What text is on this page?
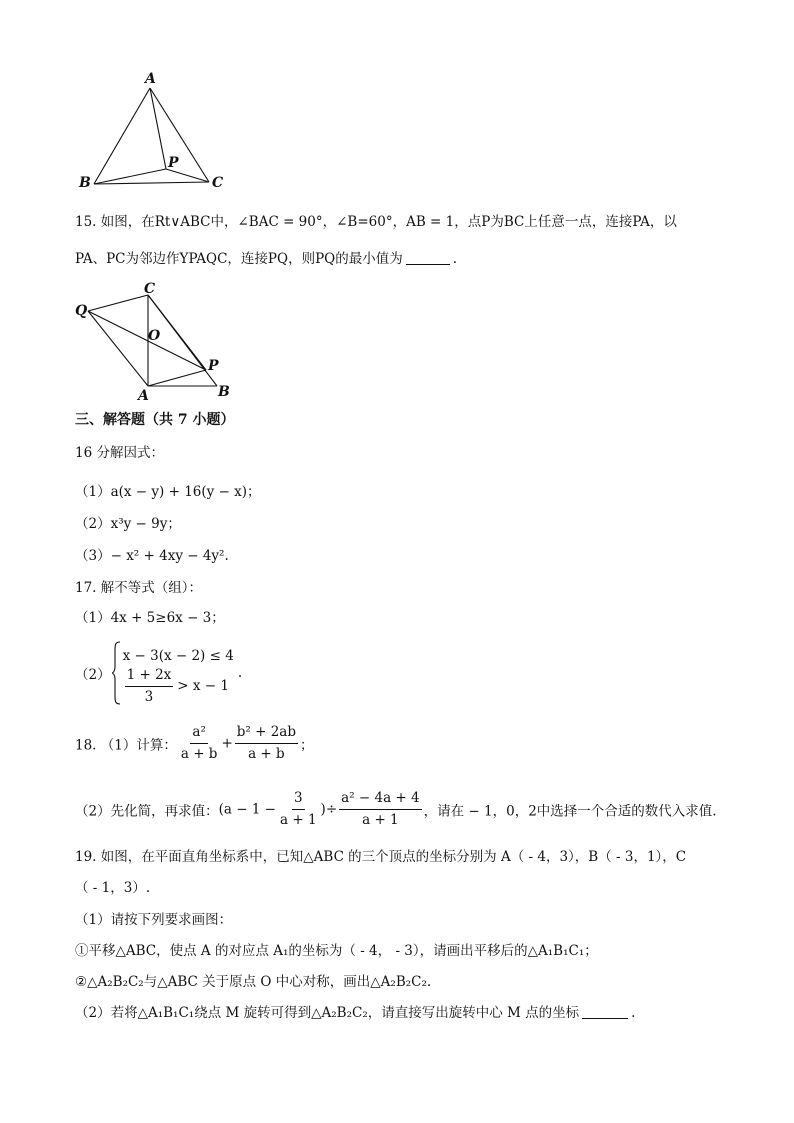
A
B	C
P
15. 如图，在Rt∨ABC中，∠BAC = 90°，∠B=60°，AB = 1，点P为BC上任意一点，连接PA，以
PA、PC为邻边作YPAQC，连接PQ，则PQ的最小值为	.
Q
C
O
P
A	B
三、解答题（共 7 小题）
16 分解因式：
（1）a(x − y) + 16(y − x)；
（2）x³y − 9y；
（3）− x² + 4xy − 4y².
17. 解不等式（组）：
（1）4x + 5≥6x − 3；
（2）
x − 3(x − 2) ≤ 4
$\frac{1 + 2x}{3} > x - 1$
.
18. （1）计算： $\frac{\text{a²}}{a + b} + \frac{\text{b² + 2ab}}{a + b}$ ；
（2）先化简，再求值：($a - 1 - \frac{3}{a + 1}$ )÷ $\frac{\text{a² − 4a + 4}}{a + 1}$ ，请在 − 1，0，2中选择一个合适的数代入求值.
19. 如图，在平面直角坐标系中，已知△ABC 的三个顶点的坐标分别为 A（ - 4，3），B（ - 3，1），C
（ - 1，3）.
（1）请按下列要求画图：
①平移△ABC，使点 A 的对应点 A₁的坐标为（ - 4， - 3），请画出平移后的△A₁B₁C₁；
②△A₂B₂C₂与△ABC 关于原点 O 中心对称，画出△A₂B₂C₂.
（2）若将△A₁B₁C₁绕点 M 旋转可得到△A₂B₂C₂，请直接写出旋转中心 M 点的坐标	.
